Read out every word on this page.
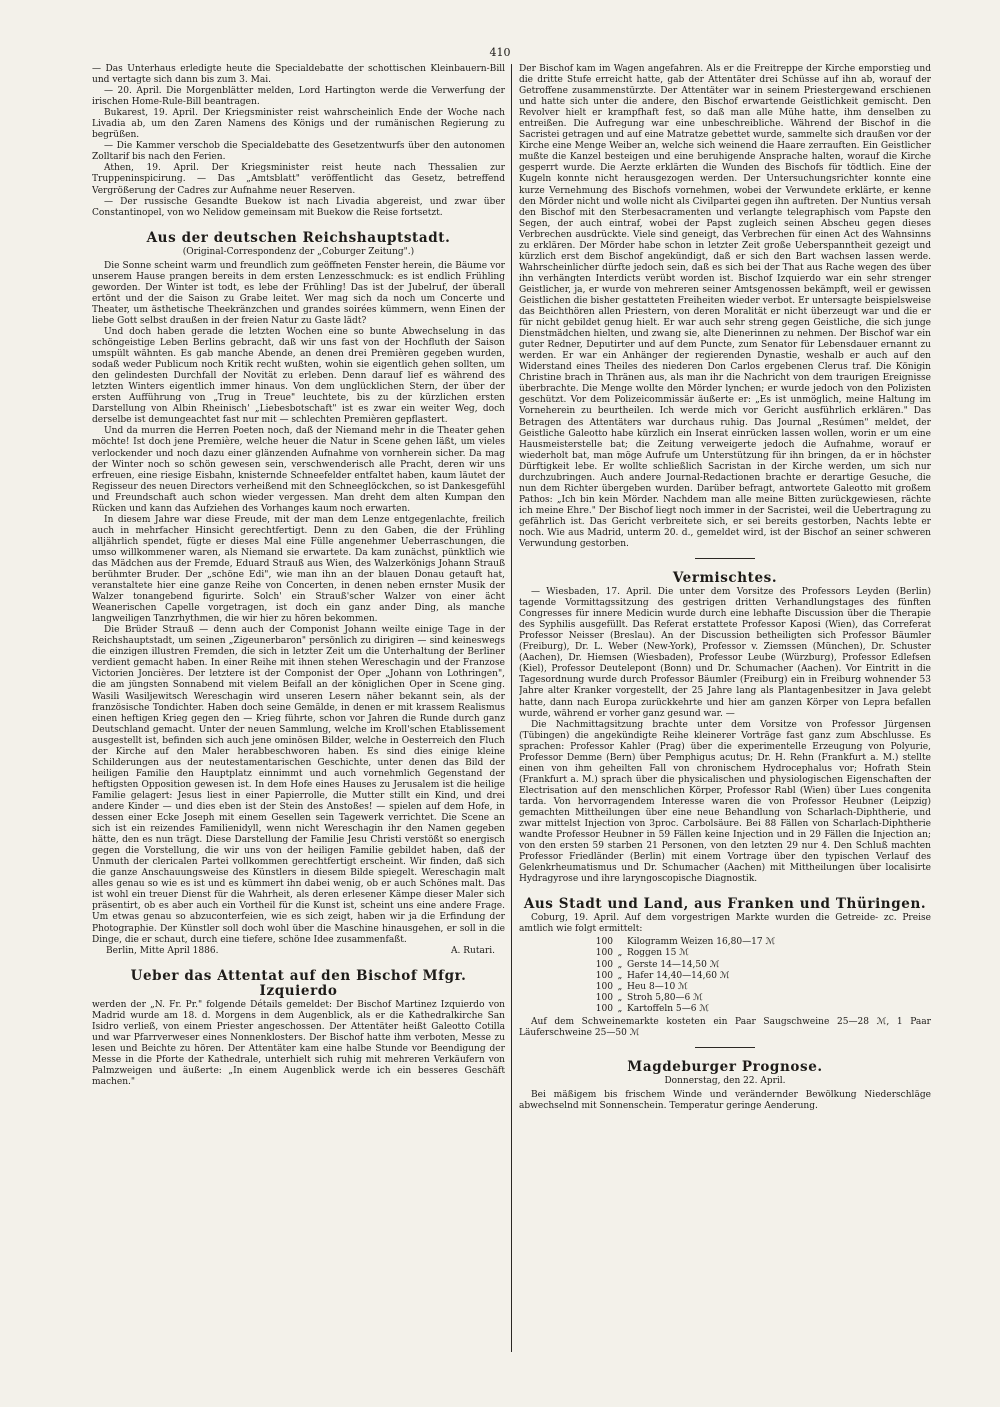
410

— Das Unterhaus erledigte heute die Specialdebatte der schottischen Kleinbauern-Bill und vertagte sich dann bis zum 3. Mai.

— 20. April. Die Morgenblätter melden, Lord Hartington werde die Verwerfung der irischen Home-Rule-Bill beantragen.

Bukarest, 19. April. Der Kriegsminister reist wahrscheinlich Ende der Woche nach Livadia ab, um den Zaren Namens des Königs und der rumänischen Regierung zu begrüßen.

— Die Kammer verschob die Specialdebatte des Gesetzentwurfs über den autonomen Zolltarif bis nach den Ferien.

Athen, 19. April. Der Kriegsminister reist heute nach Thessalien zur Truppeninspicirung. — Das „Amtsblatt" veröffentlicht das Gesetz, betreffend Vergrößerung der Cadres zur Aufnahme neuer Reserven.

— Der russische Gesandte Buekow ist nach Livadia abgereist, und zwar über Constantinopel, von wo Nelidow gemeinsam mit Buekow die Reise fortsetzt.

Aus der deutschen Reichshauptstadt.
(Original-Correspondenz der „Coburger Zeitung".)

Die Sonne scheint warm und freundlich zum geöffneten Fenster herein, die Bäume vor unserem Hause prangen bereits in dem ersten Lenzesschmuck: es ist endlich Frühling geworden. Der Winter ist todt, es lebe der Frühling! Das ist der Jubelruf, der überall ertönt und der die Saison zu Grabe leitet. Wer mag sich da noch um Concerte und Theater, um ästhetische Theekränzchen und grandes soirées kümmern, wenn Einen der liebe Gott selbst draußen in der freien Natur zu Gaste lädt?

Und doch haben gerade die letzten Wochen eine so bunte Abwechselung in das schöngeistige Leben Berlins gebracht, daß wir uns fast von der Hochfluth der Saison umspült wähnten. Es gab manche Abende, an denen drei Premièren gegeben wurden, sodaß weder Publicum noch Kritik recht wußten, wohin sie eigentlich gehen sollten, um den gelindesten Durchfall der Novität zu erleben. Denn darauf lief es während des letzten Winters eigentlich immer hinaus. Von dem unglücklichen Stern, der über der ersten Aufführung von „Trug in Treue" leuchtete, bis zu der kürzlichen ersten Darstellung von Albin Rheinisch' „Liebesbotschaft" ist es zwar ein weiter Weg, doch derselbe ist demungeachtet fast nur mit — schlechten Premièren gepflastert.

Und da murren die Herren Poeten noch, daß der Niemand mehr in die Theater gehen möchte! Ist doch jene Première, welche heuer die Natur in Scene gehen läßt, um vieles verlockender und noch dazu einer glänzenden Aufnahme von vornherein sicher. Da mag der Winter noch so schön gewesen sein, verschwenderisch alle Pracht, deren wir uns erfreuen, eine riesige Eisbahn, knisternde Schneefelder entfaltet haben, kaum läutet der Regisseur des neuen Directors verheißend mit den Schneeglöckchen, so ist Dankesgefühl und Freundschaft auch schon wieder vergessen. Man dreht dem alten Kumpan den Rücken und kann das Aufziehen des Vorhanges kaum noch erwarten.

In diesem Jahre war diese Freude, mit der man dem Lenze entgegenlachte, freilich auch in mehrfacher Hinsicht gerechtfertigt. Denn zu den Gaben, die der Frühling alljährlich spendet, fügte er dieses Mal eine Fülle angenehmer Ueberraschungen, die umso willkommener waren, als Niemand sie erwartete. Da kam zunächst, pünktlich wie das Mädchen aus der Fremde, Eduard Strauß aus Wien, des Walzerkönigs Johann Strauß berühmter Bruder. Der „schöne Edi", wie man ihn an der blauen Donau getauft hat, veranstaltete hier eine ganze Reihe von Concerten, in denen neben ernster Musik der Walzer tonangebend figurirte. Solch' ein Strauß'scher Walzer von einer ächt Weanerischen Capelle vorgetragen, ist doch ein ganz ander Ding, als manche langweiligen Tanzrhythmen, die wir hier zu hören bekommen.

Die Brüder Strauß — denn auch der Componist Johann weilte einige Tage in der Reichshauptstadt, um seinen „Zigeunerbaron" persönlich zu dirigiren — sind keineswegs die einzigen illustren Fremden, die sich in letzter Zeit um die Unterhaltung der Berliner verdient gemacht haben. In einer Reihe mit ihnen stehen Wereschagin und der Franzose Victorien Joncières. Der letztere ist der Componist der Oper „Johann von Lothringen", die am jüngsten Sonnabend mit vielem Beifall an der königlichen Oper in Scene ging. Wasili Wasiljewitsch Wereschagin wird unseren Lesern näher bekannt sein, als der französische Tondichter. Haben doch seine Gemälde, in denen er mit krassem Realismus einen heftigen Krieg gegen den — Krieg führte, schon vor Jahren die Runde durch ganz Deutschland gemacht. Unter der neuen Sammlung, welche im Kroll'schen Etablissement ausgestellt ist, befinden sich auch jene ominösen Bilder, welche in Oesterreich den Fluch der Kirche auf den Maler herabbeschworen haben. Es sind dies einige kleine Schilderungen aus der neutestamentarischen Geschichte, unter denen das Bild der heiligen Familie den Hauptplatz einnimmt und auch vornehmlich Gegenstand der heftigsten Opposition gewesen ist. In dem Hofe eines Hauses zu Jerusalem ist die heilige Familie gelagert: Jesus liest in einer Papierrolle, die Mutter stillt ein Kind, und drei andere Kinder — und dies eben ist der Stein des Anstoßes! — spielen auf dem Hofe, in dessen einer Ecke Joseph mit einem Gesellen sein Tagewerk verrichtet. Die Scene an sich ist ein reizendes Familienidyll, wenn nicht Wereschagin ihr den Namen gegeben hätte, den es nun trägt. Diese Darstellung der Familie Jesu Christi verstößt so energisch gegen die Vorstellung, die wir uns von der heiligen Familie gebildet haben, daß der Unmuth der clericalen Partei vollkommen gerechtfertigt erscheint. Wir finden, daß sich die ganze Anschauungsweise des Künstlers in diesem Bilde spiegelt. Wereschagin malt alles genau so wie es ist und es kümmert ihn dabei wenig, ob er auch Schönes malt. Das ist wohl ein treuer Dienst für die Wahrheit, als deren erlesener Kämpe dieser Maler sich präsentirt, ob es aber auch ein Vortheil für die Kunst ist, scheint uns eine andere Frage. Um etwas genau so abzuconterfeien, wie es sich zeigt, haben wir ja die Erfindung der Photographie. Der Künstler soll doch wohl über die Maschine hinausgehen, er soll in die Dinge, die er schaut, durch eine tiefere, schöne Idee zusammenfaßt.

Berlin, Mitte April 1886.	A. Rutari.
Ueber das Attentat auf den Bischof Mfgr. Izquierdo

werden der „N. Fr. Pr." folgende Détails gemeldet: Der Bischof Martinez Izquierdo von Madrid wurde am 18. d. Morgens in dem Augenblick, als er die Kathedralkirche San Isidro verließ, von einem Priester angeschossen. Der Attentäter heißt Galeotto Cotilla und war Pfarrverweser eines Nonnenklosters. Der Bischof hatte ihm verboten, Messe zu lesen und Beichte zu hören. Der Attentäter kam eine halbe Stunde vor Beendigung der Messe in die Pforte der Kathedrale, unterhielt sich ruhig mit mehreren Verkäufern von Palmzweigen und äußerte: „In einem Augenblick werde ich ein besseres Geschäft machen."

Der Bischof kam im Wagen angefahren. Als er die Freitreppe der Kirche emporstieg und die dritte Stufe erreicht hatte, gab der Attentäter drei Schüsse auf ihn ab, worauf der Getroffene zusammenstürzte. Der Attentäter war in seinem Priestergewand erschienen und hatte sich unter die andere, den Bischof erwartende Geistlichkeit gemischt. Den Revolver hielt er krampfhaft fest, so daß man alle Mühe hatte, ihm denselben zu entreißen. Die Aufregung war eine unbeschreibliche. Während der Bischof in die Sacristei getragen und auf eine Matratze gebettet wurde, sammelte sich draußen vor der Kirche eine Menge Weiber an, welche sich weinend die Haare zerrauften. Ein Geistlicher mußte die Kanzel besteigen und eine beruhigende Ansprache halten, worauf die Kirche gesperrt wurde. Die Aerzte erklärten die Wunden des Bischofs für tödtlich. Eine der Kugeln konnte nicht herausgezogen werden. Der Untersuchungsrichter konnte eine kurze Vernehmung des Bischofs vornehmen, wobei der Verwundete erklärte, er kenne den Mörder nicht und wolle nicht als Civilpartei gegen ihn auftreten. Der Nuntius versah den Bischof mit den Sterbesacramenten und verlangte telegraphisch vom Papste den Segen, der auch eintraf, wobei der Papst zugleich seinen Abscheu gegen dieses Verbrechen ausdrückte. Viele sind geneigt, das Verbrechen für einen Act des Wahnsinns zu erklären. Der Mörder habe schon in letzter Zeit große Ueberspanntheit gezeigt und kürzlich erst dem Bischof angekündigt, daß er sich den Bart wachsen lassen werde. Wahrscheinlicher dürfte jedoch sein, daß es sich bei der That aus Rache wegen des über ihn verhängten Interdicts verübt worden ist. Bischof Izquierdo war ein sehr strenger Geistlicher, ja, er wurde von mehreren seiner Amtsgenossen bekämpft, weil er gewissen Geistlichen die bisher gestatteten Freiheiten wieder verbot. Er untersagte beispielsweise das Beichthören allen Priestern, von deren Moralität er nicht überzeugt war und die er für nicht gebildet genug hielt. Er war auch sehr streng gegen Geistliche, die sich junge Dienstmädchen hielten, und zwang sie, alte Dienerinnen zu nehmen. Der Bischof war ein guter Redner, Deputirter und auf dem Puncte, zum Senator für Lebensdauer ernannt zu werden. Er war ein Anhänger der regierenden Dynastie, weshalb er auch auf den Widerstand eines Theiles des niederen Don Carlos ergebenen Clerus traf. Die Königin Christine brach in Thränen aus, als man ihr die Nachricht von dem traurigen Ereignisse überbrachte. Die Menge wollte den Mörder lynchen; er wurde jedoch von den Polizisten geschützt. Vor dem Polizeicommissär äußerte er: „Es ist unmöglich, meine Haltung im Vorneherein zu beurtheilen. Ich werde mich vor Gericht ausführlich erklären." Das Betragen des Attentäters war durchaus ruhig. Das Journal „Resúmen" meldet, der Geistliche Galeotto habe kürzlich ein Inserat einrücken lassen wollen, worin er um eine Hausmeisterstelle bat; die Zeitung verweigerte jedoch die Aufnahme, worauf er wiederholt bat, man möge Aufrufe um Unterstützung für ihn bringen, da er in höchster Dürftigkeit lebe. Er wollte schließlich Sacristan in der Kirche werden, um sich nur durchzubringen. Auch andere Journal-Redactionen brachte er derartige Gesuche, die nun dem Richter übergeben wurden. Darüber befragt, antwortete Galeotto mit großem Pathos: „Ich bin kein Mörder. Nachdem man alle meine Bitten zurückgewiesen, rächte ich meine Ehre." Der Bischof liegt noch immer in der Sacristei, weil die Uebertragung zu gefährlich ist. Das Gericht verbreitete sich, er sei bereits gestorben, Nachts lebte er noch. Wie aus Madrid, unterm 20. d., gemeldet wird, ist der Bischof an seiner schweren Verwundung gestorben.

Vermischtes.

— Wiesbaden, 17. April. Die unter dem Vorsitze des Professors Leyden (Berlin) tagende Vormittagssitzung des gestrigen dritten Verhandlungstages des fünften Congresses für innere Medicin wurde durch eine lebhafte Discussion über die Therapie des Syphilis ausgefüllt. Das Referat erstattete Professor Kaposi (Wien), das Correferat Professor Neisser (Breslau). An der Discussion betheiligten sich Professor Bäumler (Freiburg), Dr. L. Weber (New-York), Professor v. Ziemssen (München), Dr. Schuster (Aachen), Dr. Hiemsen (Wiesbaden), Professor Leube (Würzburg), Professor Edlefsen (Kiel), Professor Deutelepont (Bonn) und Dr. Schumacher (Aachen). Vor Eintritt in die Tagesordnung wurde durch Professor Bäumler (Freiburg) ein in Freiburg wohnender 53 Jahre alter Kranker vorgestellt, der 25 Jahre lang als Plantagenbesitzer in Java gelebt hatte, dann nach Europa zurückkehrte und hier am ganzen Körper von Lepra befallen wurde, während er vorher ganz gesund war. —

Die Nachmittagsitzung brachte unter dem Vorsitze von Professor Jürgensen (Tübingen) die angekündigte Reihe kleinerer Vorträge fast ganz zum Abschlusse. Es sprachen: Professor Kahler (Prag) über die experimentelle Erzeugung von Polyurie, Professor Demme (Bern) über Pemphigus acutus; Dr. H. Rehn (Frankfurt a. M.) stellte einen von ihm geheilten Fall von chronischem Hydrocephalus vor; Hofrath Stein (Frankfurt a. M.) sprach über die physicalischen und physiologischen Eigenschaften der Electrisation auf den menschlichen Körper, Professor Rabl (Wien) über Lues congenita tarda. Von hervorragendem Interesse waren die von Professor Heubner (Leipzig) gemachten Mittheilungen über eine neue Behandlung von Scharlach-Diphtherie, und zwar mittelst Injection von 3proc. Carbolsäure. Bei 88 Fällen von Scharlach-Diphtherie wandte Professor Heubner in 59 Fällen keine Injection und in 29 Fällen die Injection an; von den ersten 59 starben 21 Personen, von den letzten 29 nur 4. Den Schluß machten Professor Friedländer (Berlin) mit einem Vortrage über den typischen Verlauf des Gelenkrheumatismus und Dr. Schumacher (Aachen) mit Mittheilungen über localisirte Hydragyrose und ihre laryngoscopische Diagnostik.

Aus Stadt und Land, aus Franken und Thüringen.

Coburg, 19. April. Auf dem vorgestrigen Markte wurden die Getreide- zc. Preise amtlich wie folgt ermittelt:

100 Kilogramm Weizen 16,80—17 ℳ
100 „ Roggen 15 ℳ
100 „ Gerste 14—14,50 ℳ
100 „ Hafer 14,40—14,60 ℳ
100 „ Heu 8—10 ℳ
100 „ Stroh 5,80—6 ℳ
100 „ Kartoffeln 5—6 ℳ

Auf dem Schweinemarkte kosteten ein Paar Saugschweine 25—28 ℳ, 1 Paar Läuferschweine 25—50 ℳ

Magdeburger Prognose.
Donnerstag, den 22. April.

Bei mäßigem bis frischem Winde und verändernder Bewölkung Niederschläge abwechselnd mit Sonnenschein. Temperatur geringe Aenderung.
